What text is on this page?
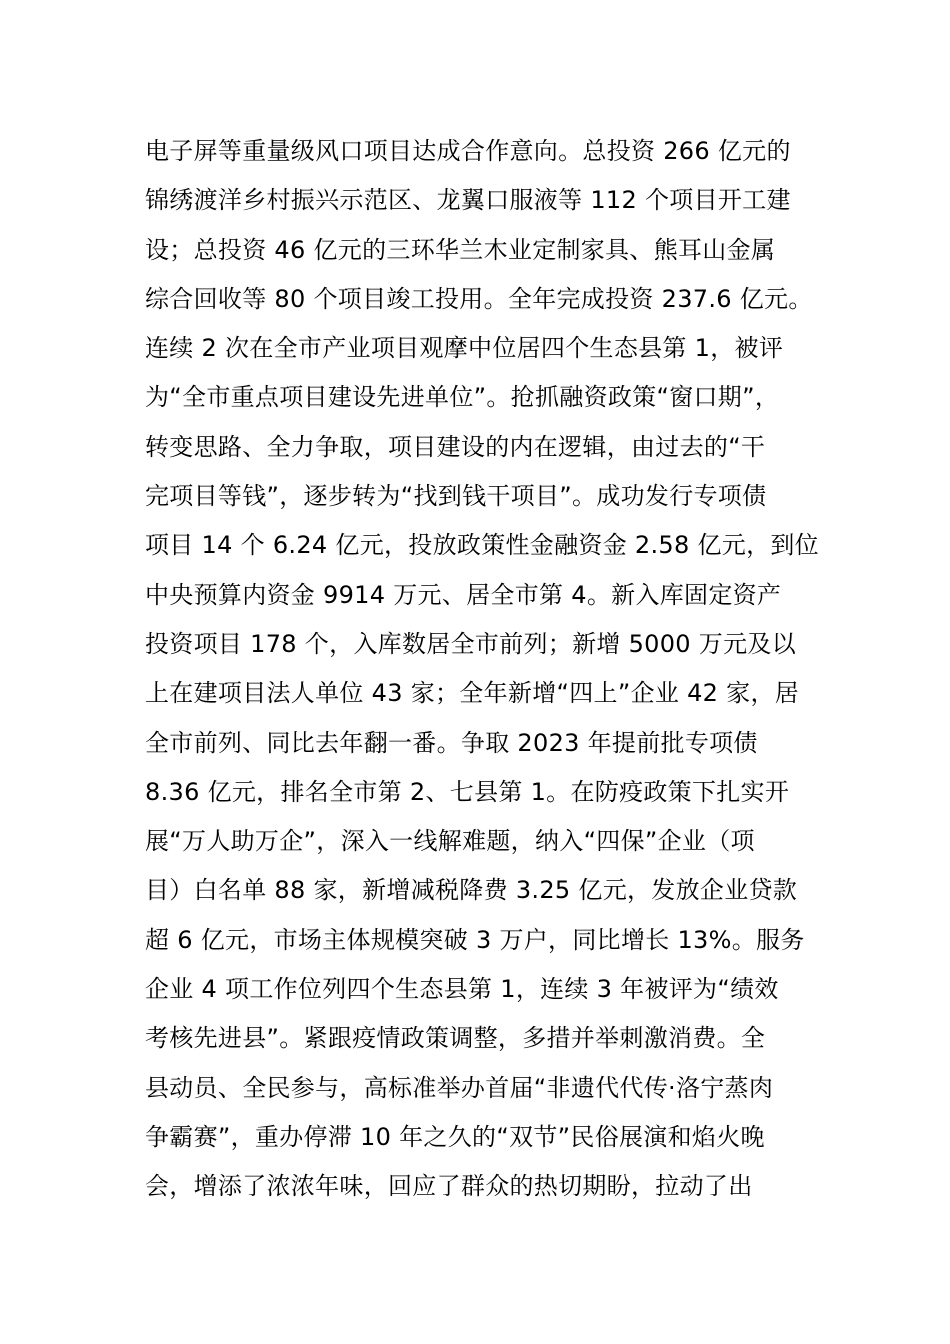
电子屏等重量级风口项目达成合作意向。总投资 266 亿元的
锦绣渡洋乡村振兴示范区、龙翼口服液等 112 个项目开工建
设；总投资 46 亿元的三环华兰木业定制家具、熊耳山金属
综合回收等 80 个项目竣工投用。全年完成投资 237.6 亿元。
连续 2 次在全市产业项目观摩中位居四个生态县第 1，被评
为“全市重点项目建设先进单位”。抢抓融资政策“窗口期”，
转变思路、全力争取，项目建设的内在逻辑，由过去的“干
完项目等钱”，逐步转为“找到钱干项目”。成功发行专项债
项目 14 个 6.24 亿元，投放政策性金融资金 2.58 亿元，到位
中央预算内资金 9914 万元、居全市第 4。新入库固定资产
投资项目 178 个，入库数居全市前列；新增 5000 万元及以
上在建项目法人单位 43 家；全年新增“四上”企业 42 家，居
全市前列、同比去年翻一番。争取 2023 年提前批专项债
8.36 亿元，排名全市第 2、七县第 1。在防疫政策下扎实开
展“万人助万企”，深入一线解难题，纳入“四保”企业（项
目）白名单 88 家，新增减税降费 3.25 亿元，发放企业贷款
超 6 亿元，市场主体规模突破 3 万户，同比增长 13%。服务
企业 4 项工作位列四个生态县第 1，连续 3 年被评为“绩效
考核先进县”。紧跟疫情政策调整，多措并举刺激消费。全
县动员、全民参与，高标准举办首届“非遗代代传·洛宁蒸肉
争霸赛”，重办停滞 10 年之久的“双节”民俗展演和焰火晚
会，增添了浓浓年味，回应了群众的热切期盼，拉动了出
